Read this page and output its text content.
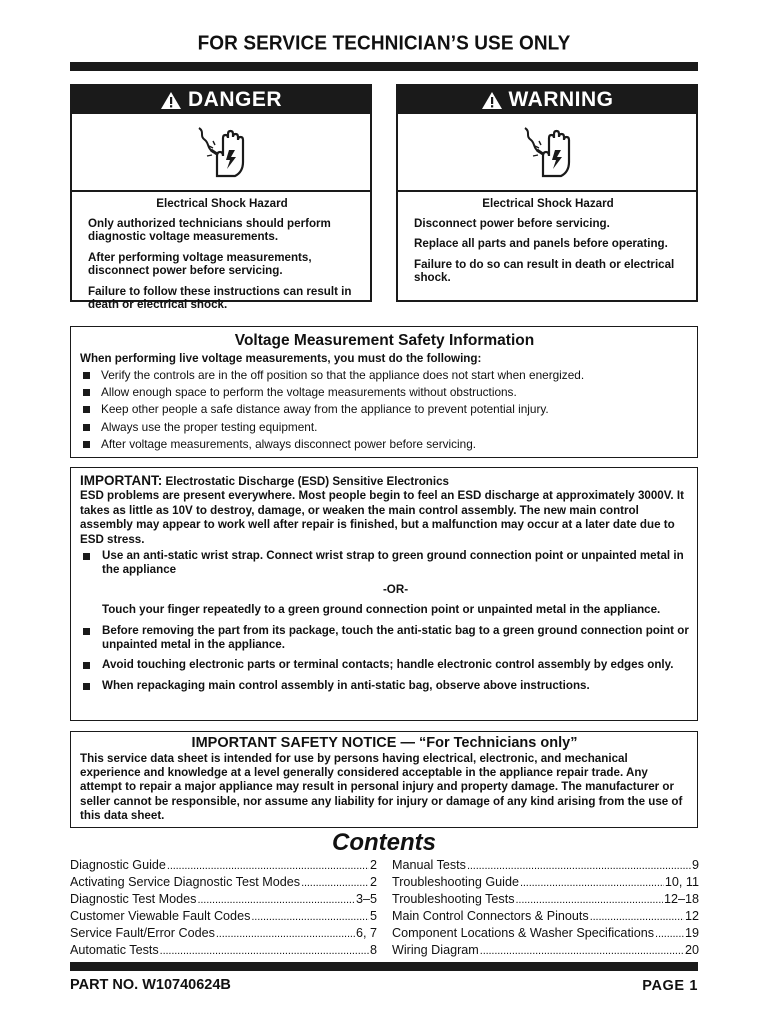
FOR SERVICE TECHNICIAN’S USE ONLY
DANGER
Electrical Shock Hazard

Only authorized technicians should perform diagnostic voltage measurements.

After performing voltage measurements, disconnect power before servicing.

Failure to follow these instructions can result in death or electrical shock.

WARNING
Electrical Shock Hazard

Disconnect power before servicing.

Replace all parts and panels before operating.

Failure to do so can result in death or electrical shock.

Voltage Measurement Safety Information
When performing live voltage measurements, you must do the following:
Verify the controls are in the off position so that the appliance does not start when energized.
Allow enough space to perform the voltage measurements without obstructions.
Keep other people a safe distance away from the appliance to prevent potential injury.
Always use the proper testing equipment.
After voltage measurements, always disconnect power before servicing.
IMPORTANT: Electrostatic Discharge (ESD) Sensitive Electronics

ESD problems are present everywhere. Most people begin to feel an ESD discharge at approximately 3000V. It takes as little as 10V to destroy, damage, or weaken the main control assembly. The new main control assembly may appear to work well after repair is finished, but a malfunction may occur at a later date due to ESD stress.

Use an anti-static wrist strap. Connect wrist strap to green ground connection point or unpainted metal in the appliance
-OR-
Touch your finger repeatedly to a green ground connection point or unpainted metal in the appliance.
Before removing the part from its package, touch the anti-static bag to a green ground connection point or unpainted metal in the appliance.
Avoid touching electronic parts or terminal contacts; handle electronic control assembly by edges only.
When repackaging main control assembly in anti-static bag, observe above instructions.
IMPORTANT SAFETY NOTICE — “For Technicians only”
This service data sheet is intended for use by persons having electrical, electronic, and mechanical experience and knowledge at a level generally considered acceptable in the appliance repair trade. Any attempt to repair a major appliance may result in personal injury and property damage. The manufacturer or seller cannot be responsible, nor assume any liability for injury or damage of any kind arising from the use of this data sheet.
Contents
Diagnostic Guide . . .	2
Activating Service Diagnostic Test Modes . . .	2
Diagnostic Test Modes . . .	3–5
Customer Viewable Fault Codes . . .	5
Service Fault/Error Codes . . .	6, 7
Automatic Tests . . .	8
Manual Tests . . .	9
Troubleshooting Guide . . .	10, 11
Troubleshooting Tests . . .	12–18
Main Control Connectors & Pinouts . . .	12
Component Locations & Washer Specifications . . . 19
Wiring Diagram . . .	20
PART NO. W10740624B	PAGE 1
